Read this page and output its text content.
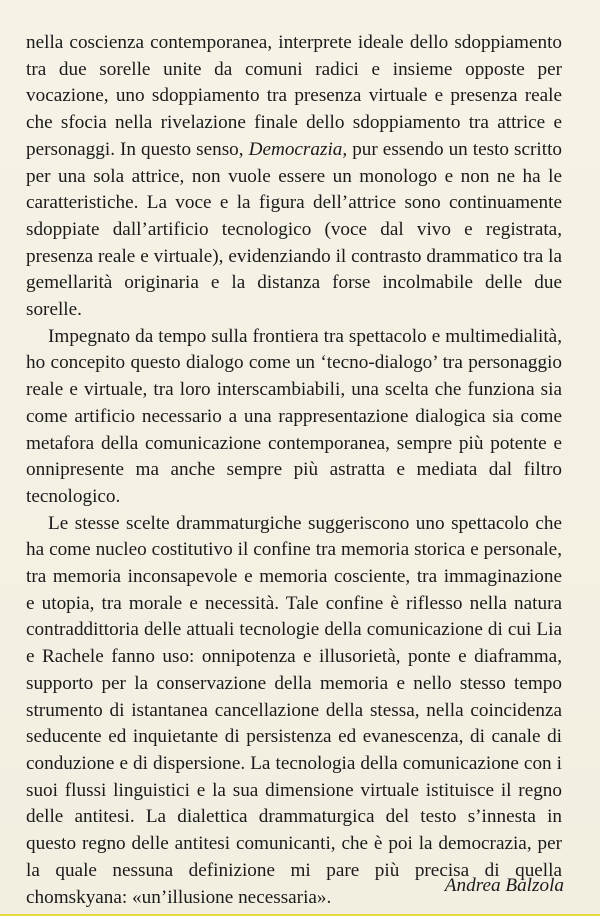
nella coscienza contemporanea, interprete ideale dello sdoppiamento tra due sorelle unite da comuni radici e insieme opposte per vocazione, uno sdoppiamento tra presenza virtuale e presenza reale che sfocia nella rivelazione finale dello sdoppiamento tra attrice e personaggi. In questo senso, Democrazia, pur essendo un testo scritto per una sola attrice, non vuole essere un monologo e non ne ha le caratteristiche. La voce e la figura dell’attrice sono continuamente sdoppiate dall’artificio tecnologico (voce dal vivo e registrata, presenza reale e virtuale), evidenziando il contrasto drammatico tra la gemellarità originaria e la distanza forse incolmabile delle due sorelle.

Impegnato da tempo sulla frontiera tra spettacolo e multimedialità, ho concepito questo dialogo come un ‘tecno-dialogo’ tra personaggio reale e virtuale, tra loro interscambiabili, una scelta che funziona sia come artificio necessario a una rappresentazione dialogica sia come metafora della comunicazione contemporanea, sempre più potente e onnipresente ma anche sempre più astratta e mediata dal filtro tecnologico.

Le stesse scelte drammaturgiche suggeriscono uno spettacolo che ha come nucleo costitutivo il confine tra memoria storica e personale, tra memoria inconsapevole e memoria cosciente, tra immaginazione e utopia, tra morale e necessità. Tale confine è riflesso nella natura contraddittoria delle attuali tecnologie della comunicazione di cui Lia e Rachele fanno uso: onnipotenza e illusorietà, ponte e diaframma, supporto per la conservazione della memoria e nello stesso tempo strumento di istantanea cancellazione della stessa, nella coincidenza seducente ed inquietante di persistenza ed evanescenza, di canale di conduzione e di dispersione. La tecnologia della comunicazione con i suoi flussi linguistici e la sua dimensione virtuale istituisce il regno delle antitesi. La dialettica drammaturgica del testo s’innesta in questo regno delle antitesi comunicanti, che è poi la democrazia, per la quale nessuna definizione mi pare più precisa di quella chomskyana: «un’illusione necessaria».

Andrea Balzola
